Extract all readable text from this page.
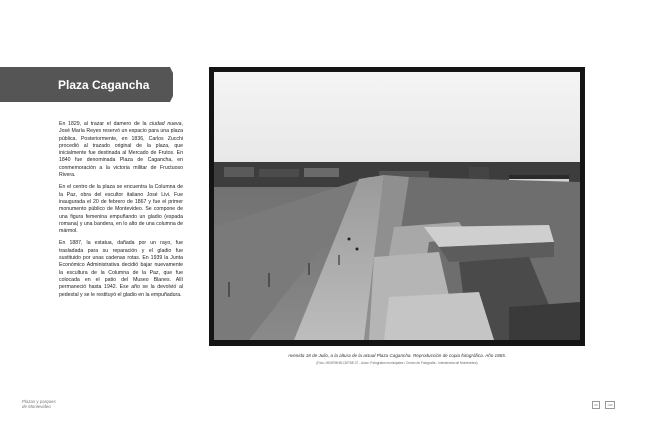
Plaza Cagancha

En 1829, al trazar el damero de la ciudad nueva, José María Reyes reservó un espacio para una plaza pública. Posteriormente, en 1836, Carlos Zucchi procedió al trazado original de la plaza, que inicialmente fue destinada al Mercado de Frutos. En 1840 fue denominada Plaza de Cagancha, en conmemoración a la victoria militar de Fructuoso Rivera.

En el centro de la plaza se encuentra la Columna de la Paz, obra del escultor italiano José Livi. Fue inaugurada el 20 de febrero de 1867 y fue el primer monumento público de Montevideo. Se compone de una figura femenina empuñando un gladio (espada romana) y una bandera, en lo alto de una columna de mármol.

En 1887, la estatua, dañada por un rayo, fue trasladada para su reparación y el gladio fue sustituido por unas cadenas rotas. En 1939 la Junta Económico Administrativa decidió bajar nuevamente la escultura de la Columna de la Paz, que fue colocada en el patio del Museo Blanes. Allí permaneció hasta 1942. Ese año se la devolvió al pedestal y se le restituyó el gladio en la empuñadura.

Avenida 18 de Julio, a la altura de la actual Plaza Cagancha. Reproducción de copia fotográfica. Año 1865.
(Foto: 0000FMHB.CDF.BE.07 - Autor: Fotógrafos municipales / Centro de Fotografía - Intendencia de Montevideo)
Plazas y parques
de Montevideo	IM	CdF
